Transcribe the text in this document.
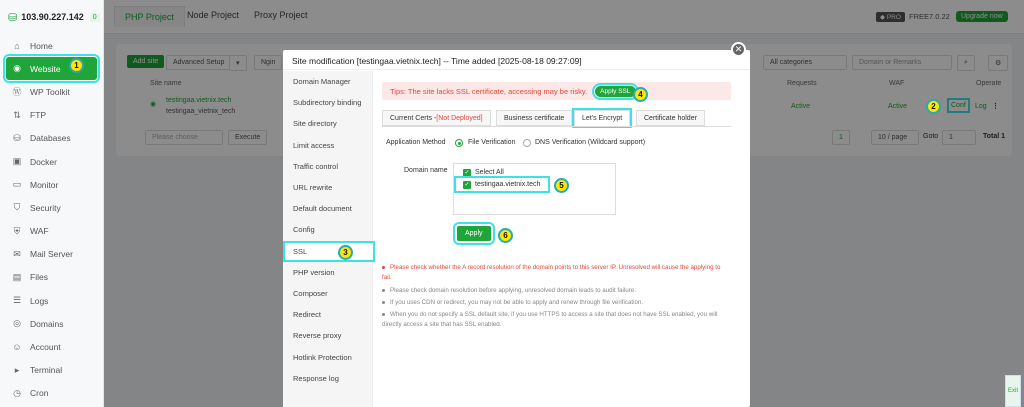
⛁ 103.90.227.142	0
⌂ Home
◉ Website
Ⓦ WP Toolkit
⇅ FTP
⛁ Databases
▣ Docker
▭ Monitor
⛉ Security
⛨ WAF
✉ Mail Server
▤ Files
☰ Logs
◎ Domains
☺ Account
▸	Terminal
◷ Cron
PHP Project	Node Project Proxy Project	◆ PRO	FREE 7.0.22	Upgrade now
Add site	Advanced Setup	▾	Ngin	All categories	Domain or Remarks	⌕	⚙
Site name	Requests	WAF	Operate
◉
testingaa.vietnix.tech
testingaa_vietnix_tech
Active	Active	Conf Log ⋮
Please choose	Execute	1	10 / page	Goto	1	Total 1
Site modification [testingaa.vietnix.tech] -- Time added [2025-08-18 09:27:09]
Domain Manager
Subdirectory binding
Site directory
Limit access
Traffic control
URL rewrite
Default document
Config
SSL
PHP version
Composer
Redirect
Reverse proxy
Hotlink Protection
Response log
Tips: The site lacks SSL certificate, accessing may be risky.	Apply SSL
Current Certs - [Not Deployed]	Business certificate	Let's Encrypt	Certificate holder
Application Method	File Verification	DNS Verification (Wildcard support)
Domain name	✓ Select All
✓ testingaa.vietnix.tech
Apply
Please check whether the A record resolution of the domain points to this server IP. Unresolved will cause the applying to fail.
Please check domain resolution before applying, unresolved domain leads to audit failure.
If you uses CDN or redirect, you may not be able to apply and renew through file verification.
When you do not specify a SSL default site, if you use HTTPS to access a site that does not have SSL enabled, you will directly access a site that has SSL enabled.
✕
1
2
3
4
5
6
Exit
